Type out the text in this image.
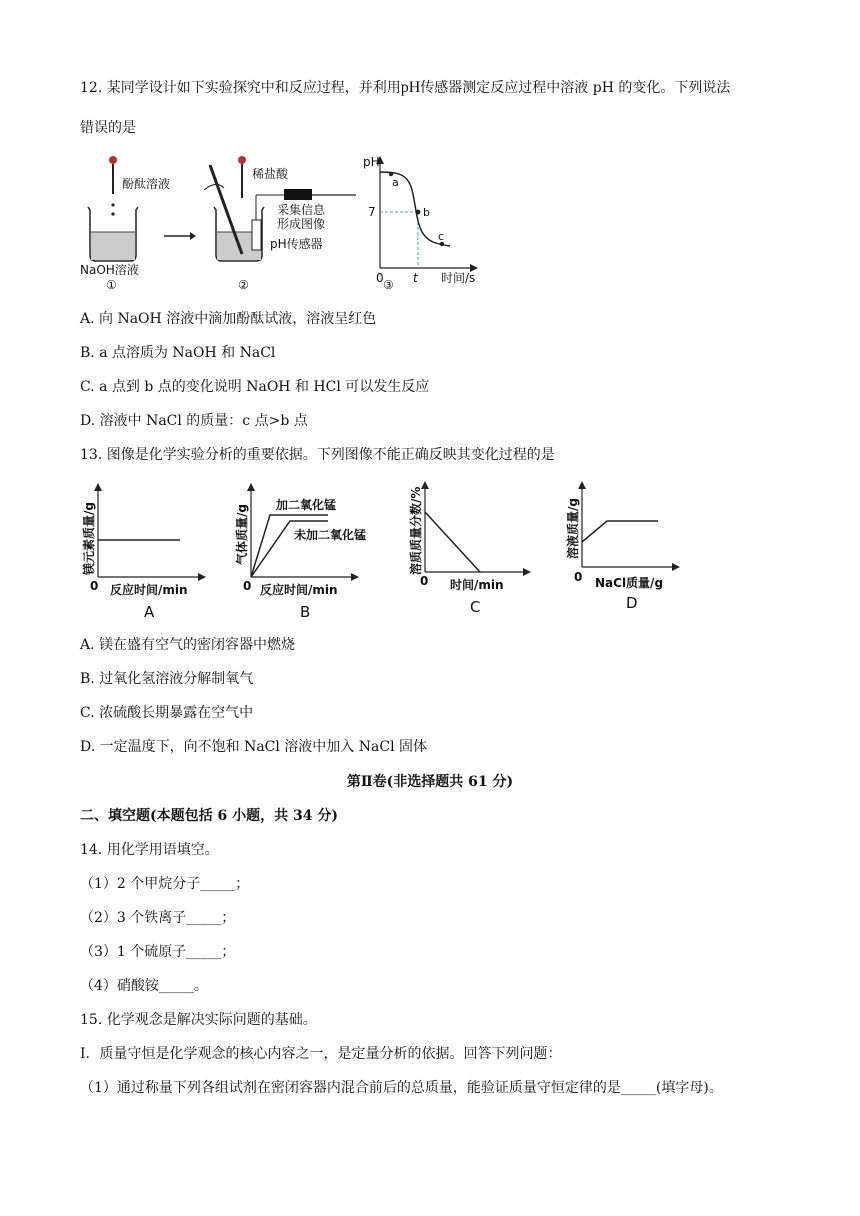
12. 某同学设计如下实验探究中和反应过程，并利用pH传感器测定反应过程中溶液 pH 的变化。下列说法
错误的是
酚酞溶液
NaOH溶液
①
稀盐酸
采集信息
形成图像
pH传感器
②
pH
7
0 t 时间/s
a
b
c
③
A. 向 NaOH 溶液中滴加酚酞试液，溶液呈红色
B. a 点溶质为 NaOH 和 NaCl
C. a 点到 b 点的变化说明 NaOH 和 HCl 可以发生反应
D. 溶液中 NaCl 的质量：c 点>b 点
13. 图像是化学实验分析的重要依据。下列图像不能正确反映其变化过程的是
镁元素质量/g
0 反应时间/min
A
气体质量/g 加二氧化锰
未加二氧化锰
0 反应时间/min
B
溶质质量分数/%
0 时间/min
C
溶液质量/g
0 NaCl质量/g
D
A. 镁在盛有空气的密闭容器中燃烧
B. 过氧化氢溶液分解制氧气
C. 浓硫酸长期暴露在空气中
D. 一定温度下，向不饱和 NaCl 溶液中加入 NaCl 固体
第Ⅱ卷(非选择题共 61 分)
二、填空题(本题包括 6 小题，共 34 分)
14. 用化学用语填空。
（1）2 个甲烷分子_____；
（2）3 个铁离子_____；
（3）1 个硫原子_____；
（4）硝酸铵_____。
15. 化学观念是解决实际问题的基础。
Ⅰ．质量守恒是化学观念的核心内容之一，是定量分析的依据。回答下列问题：
（1）通过称量下列各组试剂在密闭容器内混合前后的总质量，能验证质量守恒定律的是_____(填字母)。
